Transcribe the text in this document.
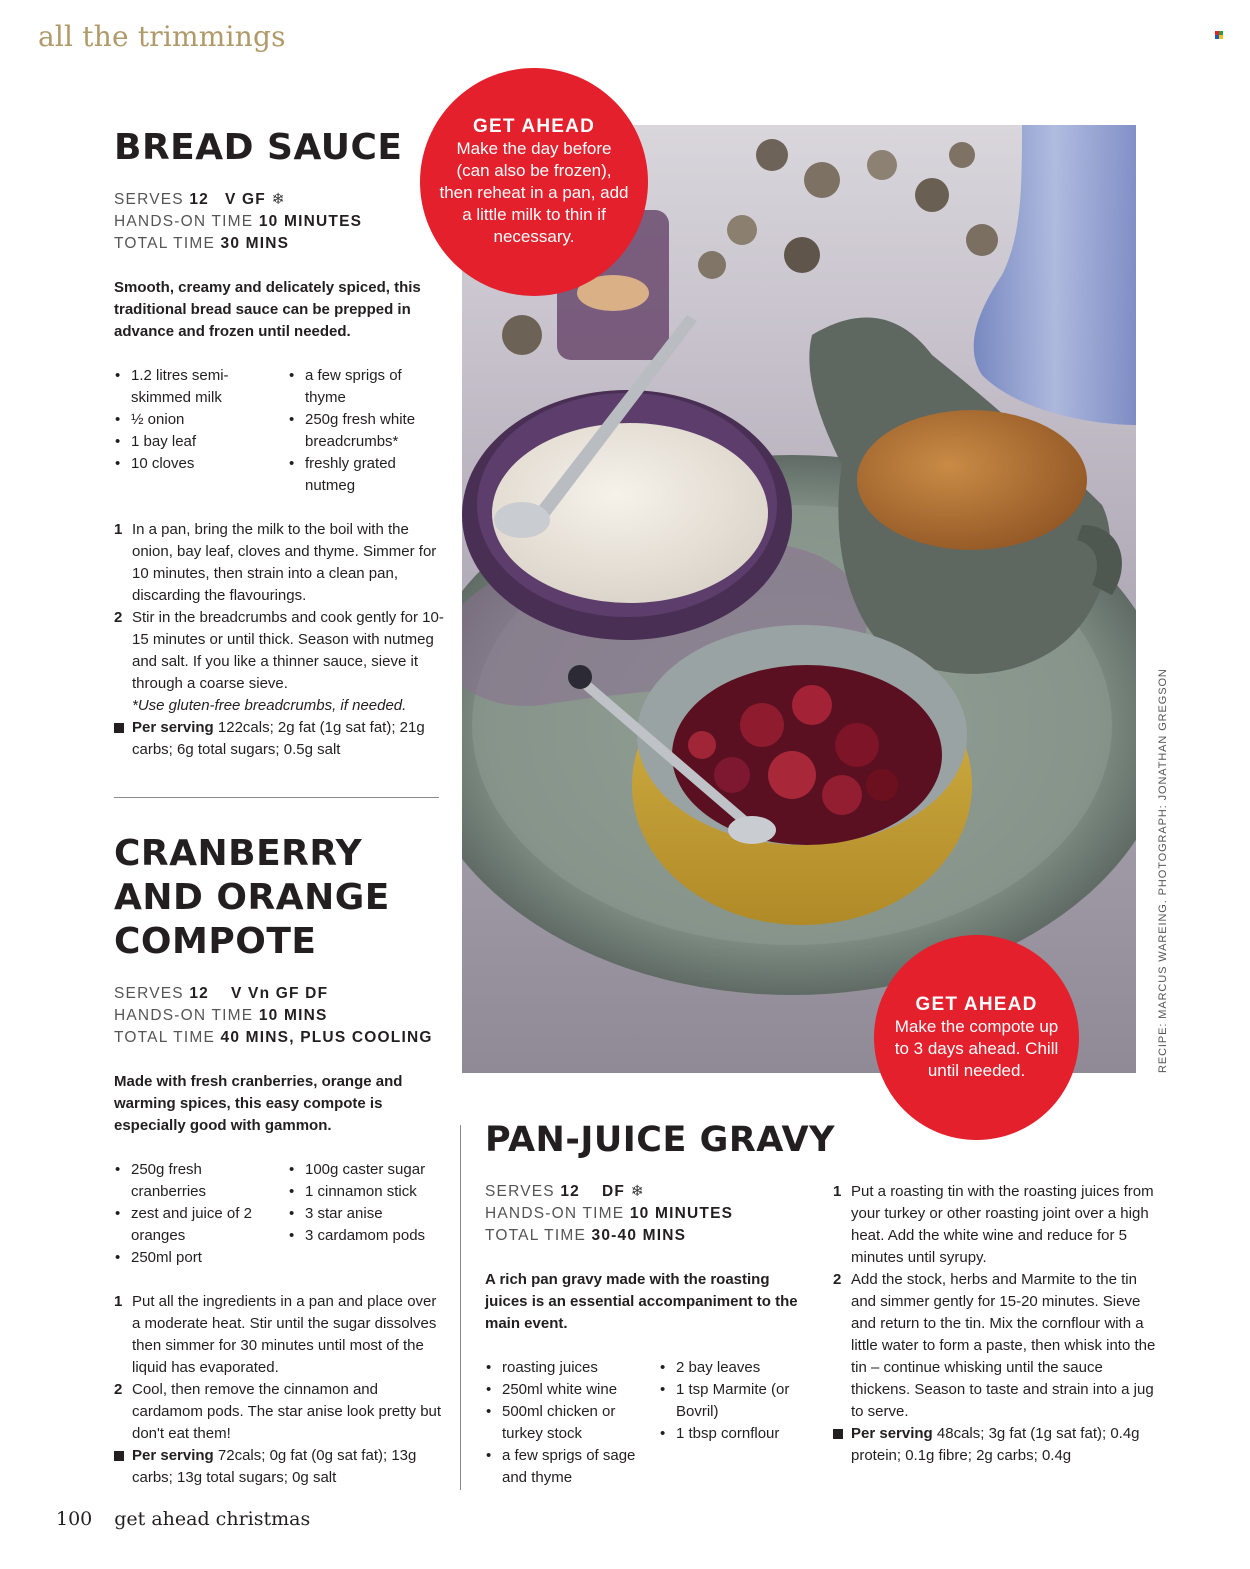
all the trimmings
BREAD SAUCE
SERVES 12 V GF ❄
HANDS-ON TIME 10 MINUTES
TOTAL TIME 30 MINS

Smooth, creamy and delicately spiced, this traditional bread sauce can be prepped in advance and frozen until needed.

• 1.2 litres semi-skimmed milk
• ½ onion
• 1 bay leaf
• 10 cloves
• a few sprigs of thyme
• 250g fresh white breadcrumbs*
• freshly grated nutmeg
1 In a pan, bring the milk to the boil with the onion, bay leaf, cloves and thyme. Simmer for 10 minutes, then strain into a clean pan, discarding the flavourings.
2 Stir in the breadcrumbs and cook gently for 10-15 minutes or until thick. Season with nutmeg and salt. If you like a thinner sauce, sieve it through a coarse sieve.
*Use gluten-free breadcrumbs, if needed.
Per serving 122cals; 2g fat (1g sat fat); 21g carbs; 6g total sugars; 0.5g salt
CRANBERRY
AND ORANGE
COMPOTE
SERVES 12 V Vn GF DF
HANDS-ON TIME 10 MINS
TOTAL TIME 40 MINS, PLUS COOLING

Made with fresh cranberries, orange and warming spices, this easy compote is especially good with gammon.

• 250g fresh cranberries
• zest and juice of 2 oranges
• 250ml port
• 100g caster sugar
• 1 cinnamon stick
• 3 star anise
• 3 cardamom pods
1 Put all the ingredients in a pan and place over a moderate heat. Stir until the sugar dissolves then simmer for 30 minutes until most of the liquid has evaporated.
2 Cool, then remove the cinnamon and cardamom pods. The star anise look pretty but don't eat them!
Per serving 72cals; 0g fat (0g sat fat); 13g carbs; 13g total sugars; 0g salt
GET AHEAD
Make the day before (can also be frozen), then reheat in a pan, add a little milk to thin if necessary.
GET AHEAD
Make the compote up to 3 days ahead. Chill until needed.	RECIPE: MARCUS WAREING. PHOTOGRAPH: JONATHAN GREGSON
PAN-JUICE GRAVY
SERVES 12 DF ❄
HANDS-ON TIME 10 MINUTES
TOTAL TIME 30-40 MINS

A rich pan gravy made with the roasting juices is an essential accompaniment to the main event.

• roasting juices
• 250ml white wine
• 500ml chicken or turkey stock
• a few sprigs of sage and thyme
• 2 bay leaves
• 1 tsp Marmite (or Bovril)
• 1 tbsp cornflour
1 Put a roasting tin with the roasting juices from your turkey or other roasting joint over a high heat. Add the white wine and reduce for 5 minutes until syrupy.
2 Add the stock, herbs and Marmite to the tin and simmer gently for 15-20 minutes. Sieve and return to the tin. Mix the cornflour with a little water to form a paste, then whisk into the tin – continue whisking until the sauce thickens. Season to taste and strain into a jug to serve.
Per serving 48cals; 3g fat (1g sat fat); 0.4g protein; 0.1g fibre; 2g carbs; 0.4g
100 get ahead christmas
